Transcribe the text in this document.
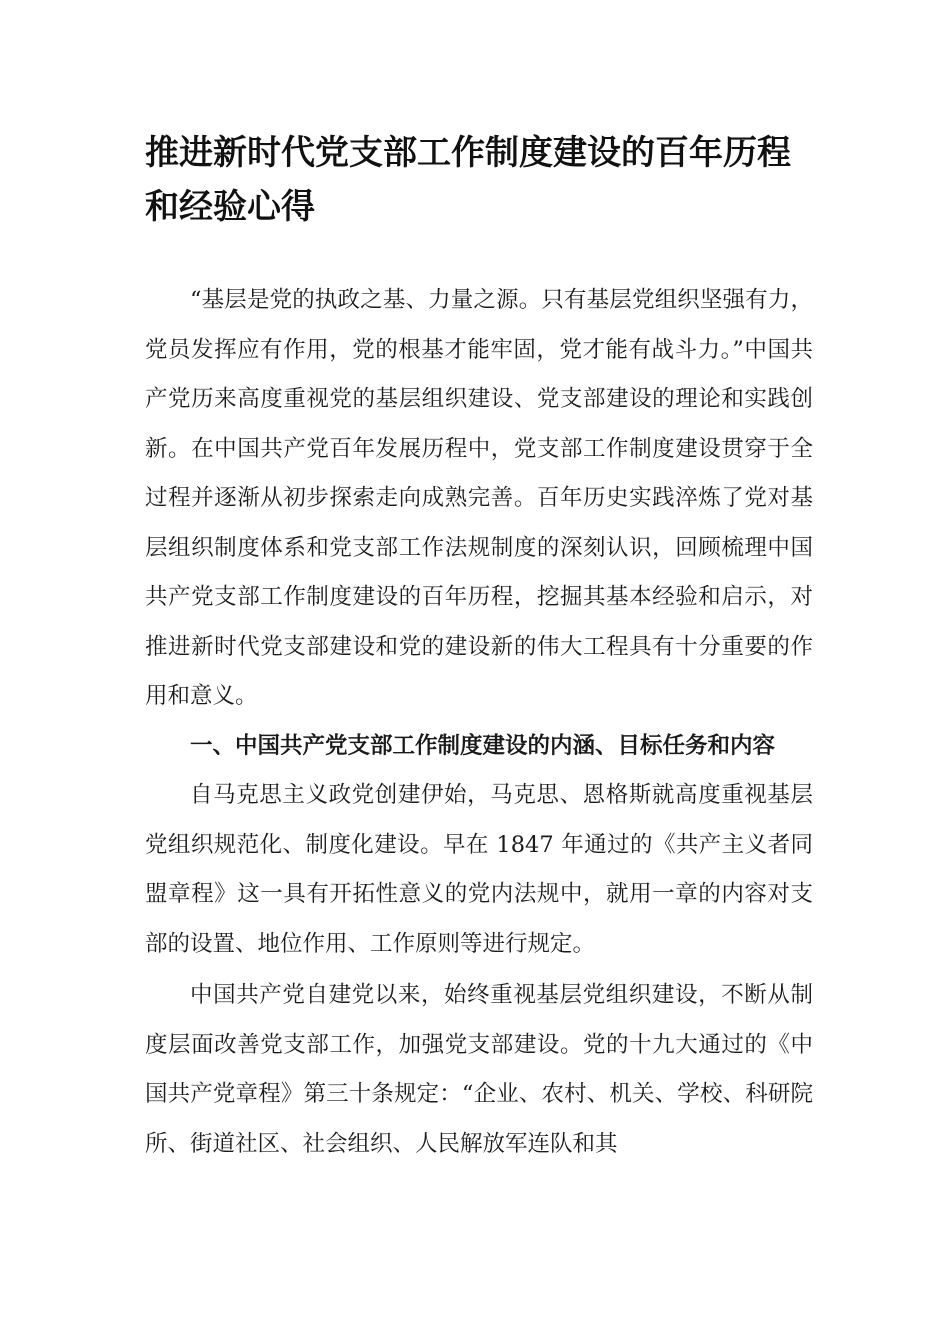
推进新时代党支部工作制度建设的百年历程和经验心得

“基层是党的执政之基、力量之源。只有基层党组织坚强有力，党员发挥应有作用，党的根基才能牢固，党才能有战斗力。”中国共产党历来高度重视党的基层组织建设、党支部建设的理论和实践创新。在中国共产党百年发展历程中，党支部工作制度建设贯穿于全过程并逐渐从初步探索走向成熟完善。百年历史实践淬炼了党对基层组织制度体系和党支部工作法规制度的深刻认识，回顾梳理中国共产党支部工作制度建设的百年历程，挖掘其基本经验和启示，对推进新时代党支部建设和党的建设新的伟大工程具有十分重要的作用和意义。

一、中国共产党支部工作制度建设的内涵、目标任务和内容

自马克思主义政党创建伊始，马克思、恩格斯就高度重视基层党组织规范化、制度化建设。早在 1847 年通过的《共产主义者同盟章程》这一具有开拓性意义的党内法规中，就用一章的内容对支部的设置、地位作用、工作原则等进行规定。

中国共产党自建党以来，始终重视基层党组织建设，不断从制度层面改善党支部工作，加强党支部建设。党的十九大通过的《中国共产党章程》第三十条规定：“企业、农村、机关、学校、科研院所、街道社区、社会组织、人民解放军连队和其
